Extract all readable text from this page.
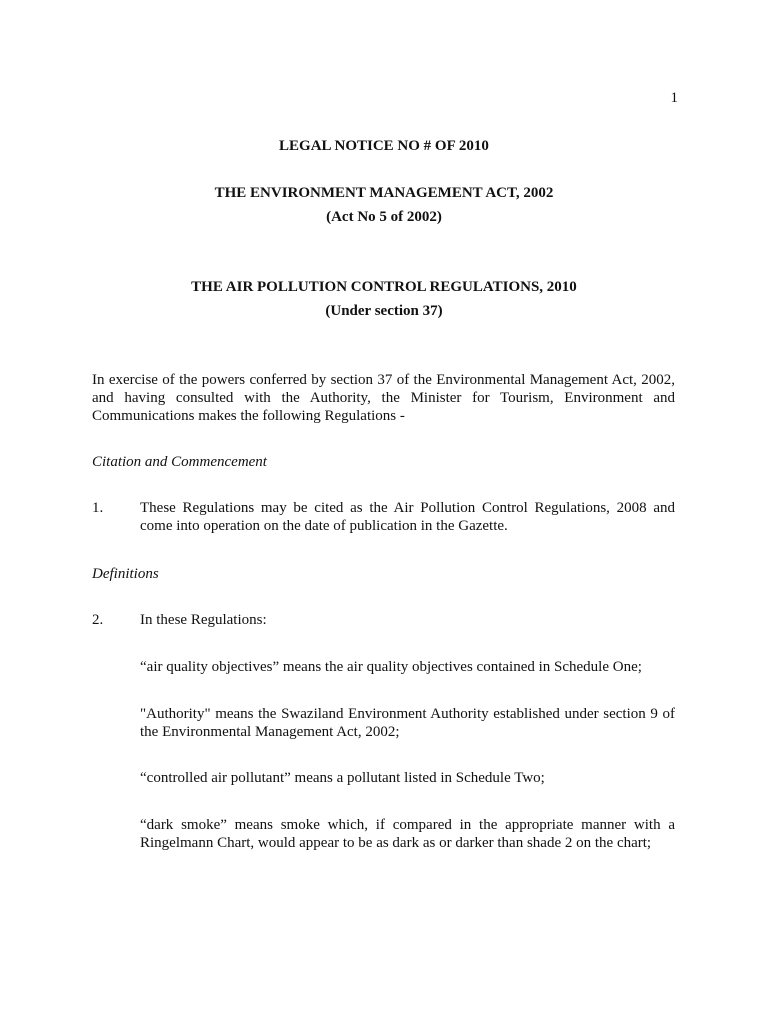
1
LEGAL NOTICE NO # OF 2010
THE ENVIRONMENT MANAGEMENT ACT, 2002
(Act No 5 of 2002)
THE AIR POLLUTION CONTROL REGULATIONS, 2010
(Under section 37)
In exercise of the powers conferred by section 37 of the Environmental Management Act, 2002, and having consulted with the Authority, the Minister for Tourism, Environment and Communications makes the following Regulations -
Citation and Commencement
1. These Regulations may be cited as the Air Pollution Control Regulations, 2008 and come into operation on the date of publication in the Gazette.
Definitions
2. In these Regulations:
“air quality objectives” means the air quality objectives contained in Schedule One;
"Authority" means the Swaziland Environment Authority established under section 9 of the Environmental Management Act, 2002;
“controlled air pollutant” means a pollutant listed in Schedule Two;
“dark smoke” means smoke which, if compared in the appropriate manner with a Ringelmann Chart, would appear to be as dark as or darker than shade 2 on the chart;
